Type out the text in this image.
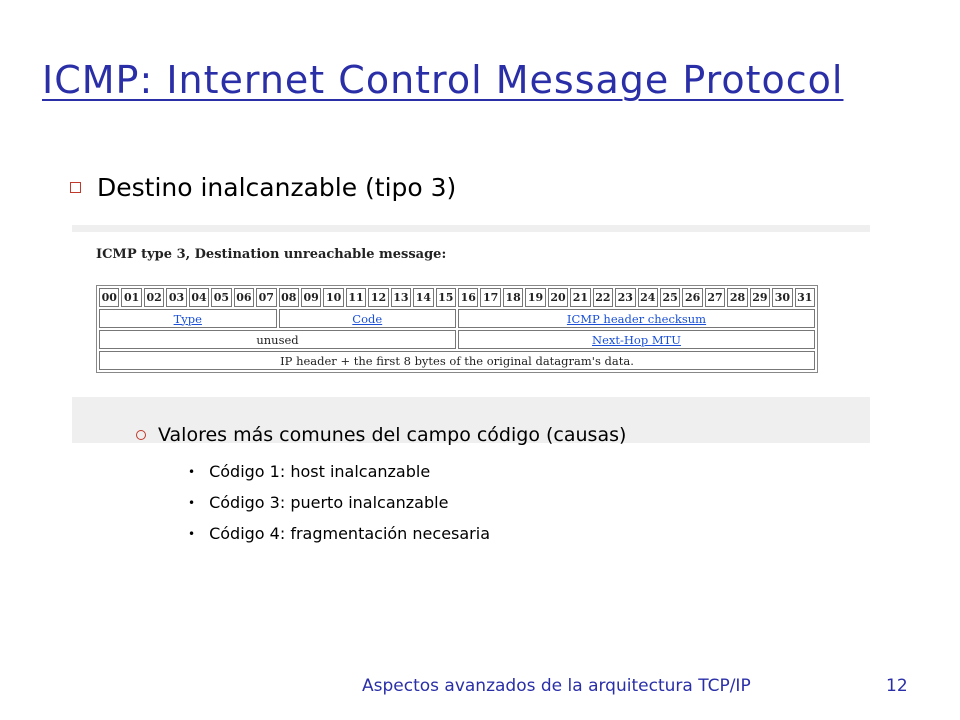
ICMP: Internet Control Message Protocol
Destino inalcanzable (tipo 3)
ICMP type 3, Destination unreachable message:
00	01	02	03	04	05	06	07	08	09	10	11	12	13	14	15	16	17	18	19	20	21	22	23	24	25	26	27	28	29	30	31
Type								Code								ICMP header checksum															
unused																Next-Hop MTU															
IP header + the first 8 bytes of the original datagram's data.																															
Valores más comunes del campo código (causas)
• Código 1: host inalcanzable
• Código 3: puerto inalcanzable
• Código 4: fragmentación necesaria
Aspectos avanzados de la arquitectura TCP/IP	12
